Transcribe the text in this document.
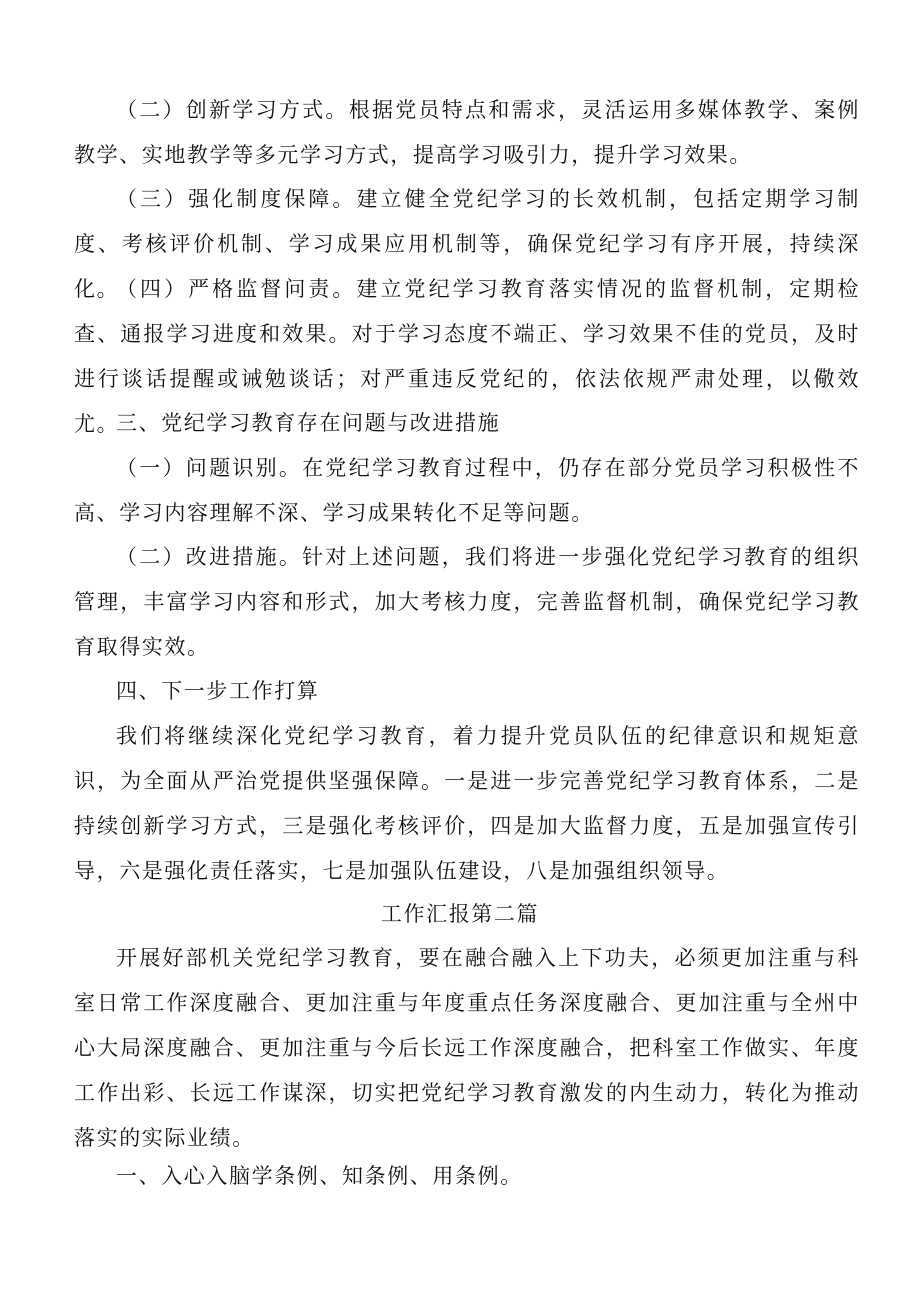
（二）创新学习方式。根据党员特点和需求，灵活运用多媒体教学、案例教学、实地教学等多元学习方式，提高学习吸引力，提升学习效果。

（三）强化制度保障。建立健全党纪学习的长效机制，包括定期学习制度、考核评价机制、学习成果应用机制等，确保党纪学习有序开展，持续深化。

（四）严格监督问责。建立党纪学习教育落实情况的监督机制，定期检查、通报学习进度和效果。对于学习态度不端正、学习效果不佳的党员，及时进行谈话提醒或诫勉谈话；对严重违反党纪的，依法依规严肃处理，以儆效尤。

三、党纪学习教育存在问题与改进措施

（一）问题识别。在党纪学习教育过程中，仍存在部分党员学习积极性不高、学习内容理解不深、学习成果转化不足等问题。

（二）改进措施。针对上述问题，我们将进一步强化党纪学习教育的组织管理，丰富学习内容和形式，加大考核力度，完善监督机制，确保党纪学习教育取得实效。

四、下一步工作打算

我们将继续深化党纪学习教育，着力提升党员队伍的纪律意识和规矩意识，为全面从严治党提供坚强保障。一是进一步完善党纪学习教育体系，二是持续创新学习方式，三是强化考核评价，四是加大监督力度，五是加强宣传引导，六是强化责任落实，七是加强队伍建设，八是加强组织领导。

工作汇报第二篇

开展好部机关党纪学习教育，要在融合融入上下功夫，必须更加注重与科室日常工作深度融合、更加注重与年度重点任务深度融合、更加注重与全州中心大局深度融合、更加注重与今后长远工作深度融合，把科室工作做实、年度工作出彩、长远工作谋深，切实把党纪学习教育激发的内生动力，转化为推动落实的实际业绩。

一、入心入脑学条例、知条例、用条例。
